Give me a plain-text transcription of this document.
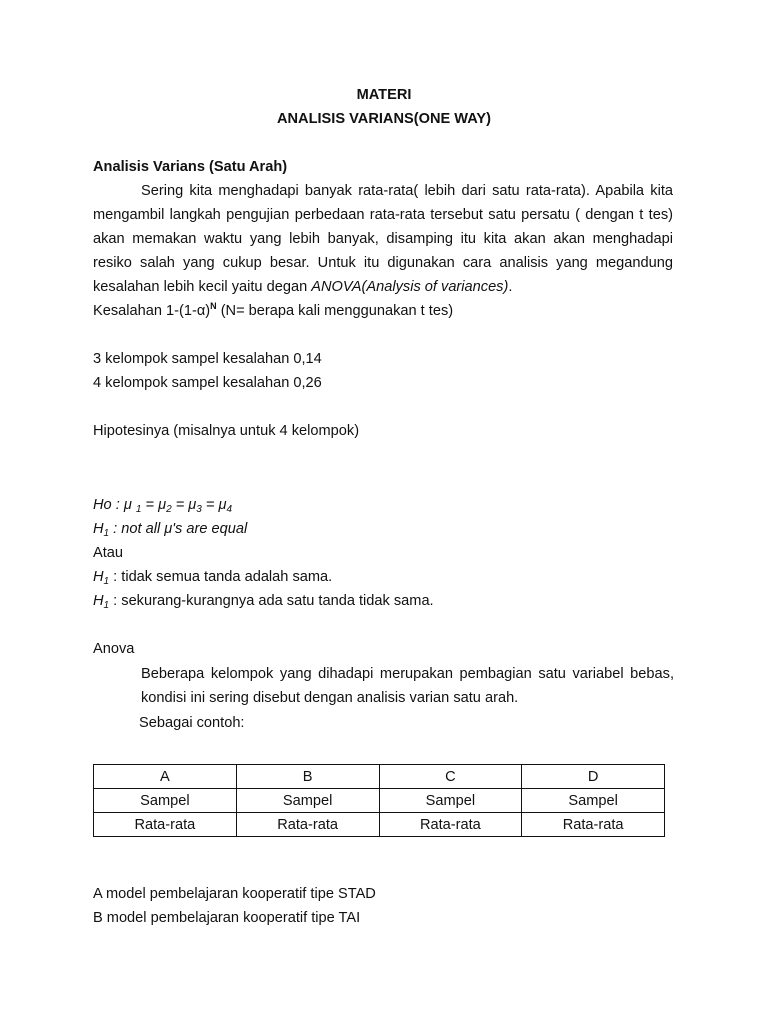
MATERI
ANALISIS VARIANS(ONE WAY)
Analisis Varians (Satu Arah)
Sering kita menghadapi banyak rata-rata( lebih dari satu rata-rata). Apabila kita
mengambil langkah pengujian perbedaan rata-rata tersebut satu persatu ( dengan t tes)
akan memakan waktu yang lebih banyak, disamping itu kita akan akan menghadapi
resiko salah yang cukup besar. Untuk itu digunakan cara analisis yang megandung
kesalahan lebih kecil yaitu degan ANOVA(Analysis of variances).
Kesalahan $1-(1-\alpha)^N$ (N= berapa kali menggunakan t tes)
3 kelompok sampel kesalahan 0,14
4 kelompok sampel kesalahan 0,26
Hipotesinya (misalnya untuk 4 kelompok)
Ho : μ $_1 = \mu_2 = \mu_3 = \mu_4$
$H_1$ : not all μ's are equal
Atau
$H_1$ : tidak semua tanda adalah sama.
$H_1$ : sekurang-kurangnya ada satu tanda tidak sama.
Anova
Beberapa kelompok yang dihadapi merupakan pembagian satu variabel bebas,
kondisi ini sering disebut dengan analisis varian satu arah.
Sebagai contoh:
A	B	C	D
Sampel	Sampel	Sampel	Sampel
Rata-rata	Rata-rata	Rata-rata	Rata-rata
A model pembelajaran kooperatif tipe STAD
B model pembelajaran kooperatif tipe TAI
